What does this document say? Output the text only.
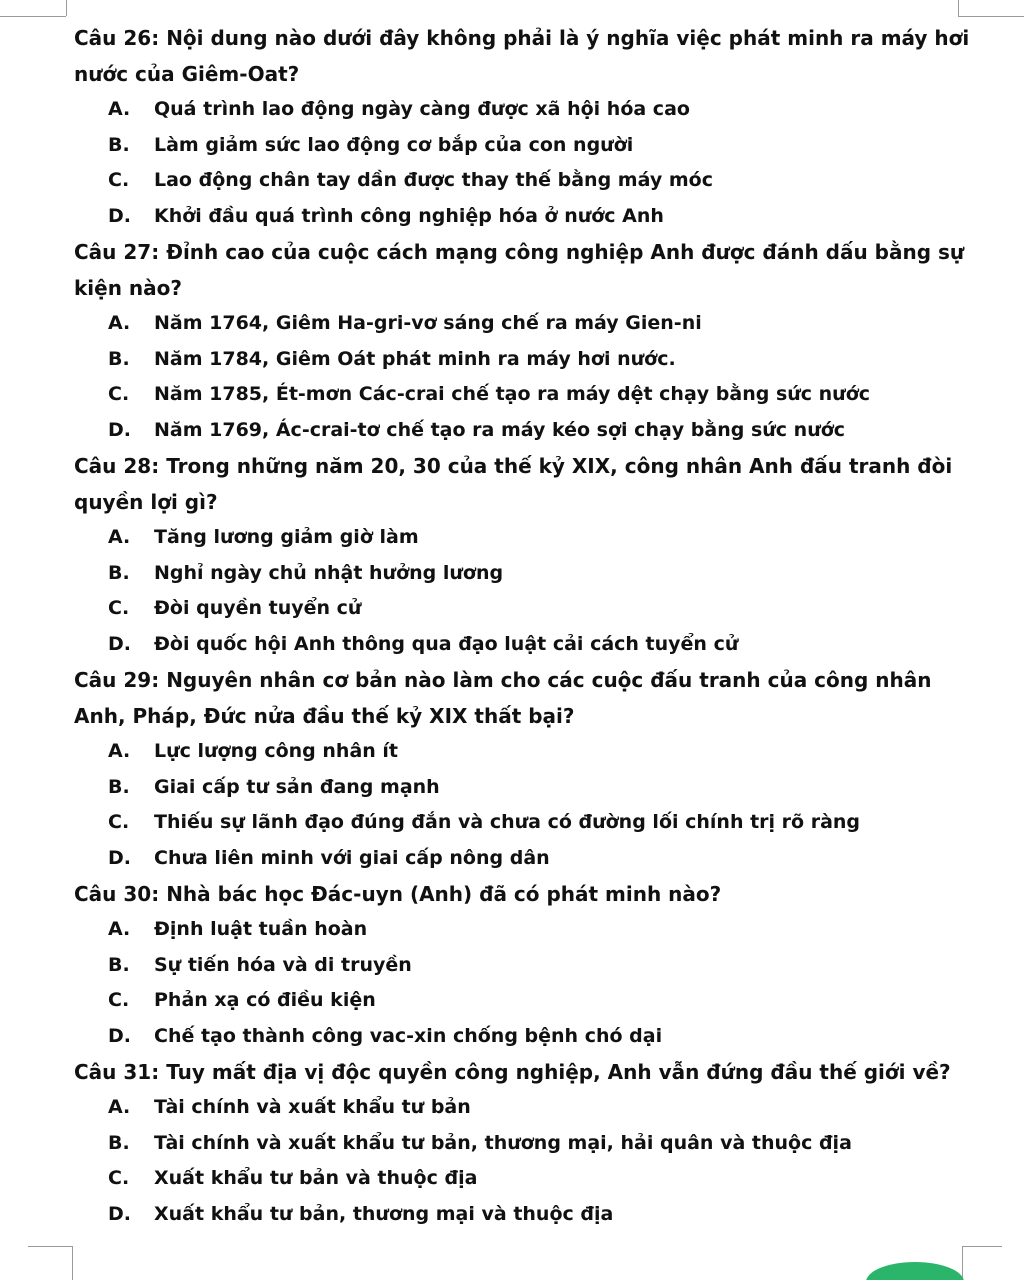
Câu 26: Nội dung nào dưới đây không phải là ý nghĩa việc phát minh ra máy hơi nước của Giêm-Oat?

A.	Quá trình lao động ngày càng được xã hội hóa cao
B.	Làm giảm sức lao động cơ bắp của con người
C.	Lao động chân tay dần được thay thế bằng máy móc
D.	Khởi đầu quá trình công nghiệp hóa ở nước Anh

Câu 27: Đỉnh cao của cuộc cách mạng công nghiệp Anh được đánh dấu bằng sự kiện nào?

A.	Năm 1764, Giêm Ha-gri-vơ sáng chế ra máy Gien-ni
B.	Năm 1784, Giêm Oát phát minh ra máy hơi nước.
C.	Năm 1785, Ét-mơn Các-crai chế tạo ra máy dệt chạy bằng sức nước
D.	Năm 1769, Ác-crai-tơ chế tạo ra máy kéo sợi chạy bằng sức nước

Câu 28: Trong những năm 20, 30 của thế kỷ XIX, công nhân Anh đấu tranh đòi quyền lợi gì?

A.	Tăng lương giảm giờ làm
B.	Nghỉ ngày chủ nhật hưởng lương
C.	Đòi quyền tuyển cử
D.	Đòi quốc hội Anh thông qua đạo luật cải cách tuyển cử

Câu 29: Nguyên nhân cơ bản nào làm cho các cuộc đấu tranh của công nhân Anh, Pháp, Đức nửa đầu thế kỷ XIX thất bại?

A.	Lực lượng công nhân ít
B.	Giai cấp tư sản đang mạnh
C.	Thiếu sự lãnh đạo đúng đắn và chưa có đường lối chính trị rõ ràng
D.	Chưa liên minh với giai cấp nông dân

Câu 30: Nhà bác học Đác-uyn (Anh) đã có phát minh nào?

A.	Định luật tuần hoàn
B.	Sự tiến hóa và di truyền
C.	Phản xạ có điều kiện
D.	Chế tạo thành công vac-xin chống bệnh chó dại

Câu 31: Tuy mất địa vị độc quyền công nghiệp, Anh vẫn đứng đầu thế giới về?

A.	Tài chính và xuất khẩu tư bản
B.	Tài chính và xuất khẩu tư bản, thương mại, hải quân và thuộc địa
C.	Xuất khẩu tư bản và thuộc địa
D.	Xuất khẩu tư bản, thương mại và thuộc địa
